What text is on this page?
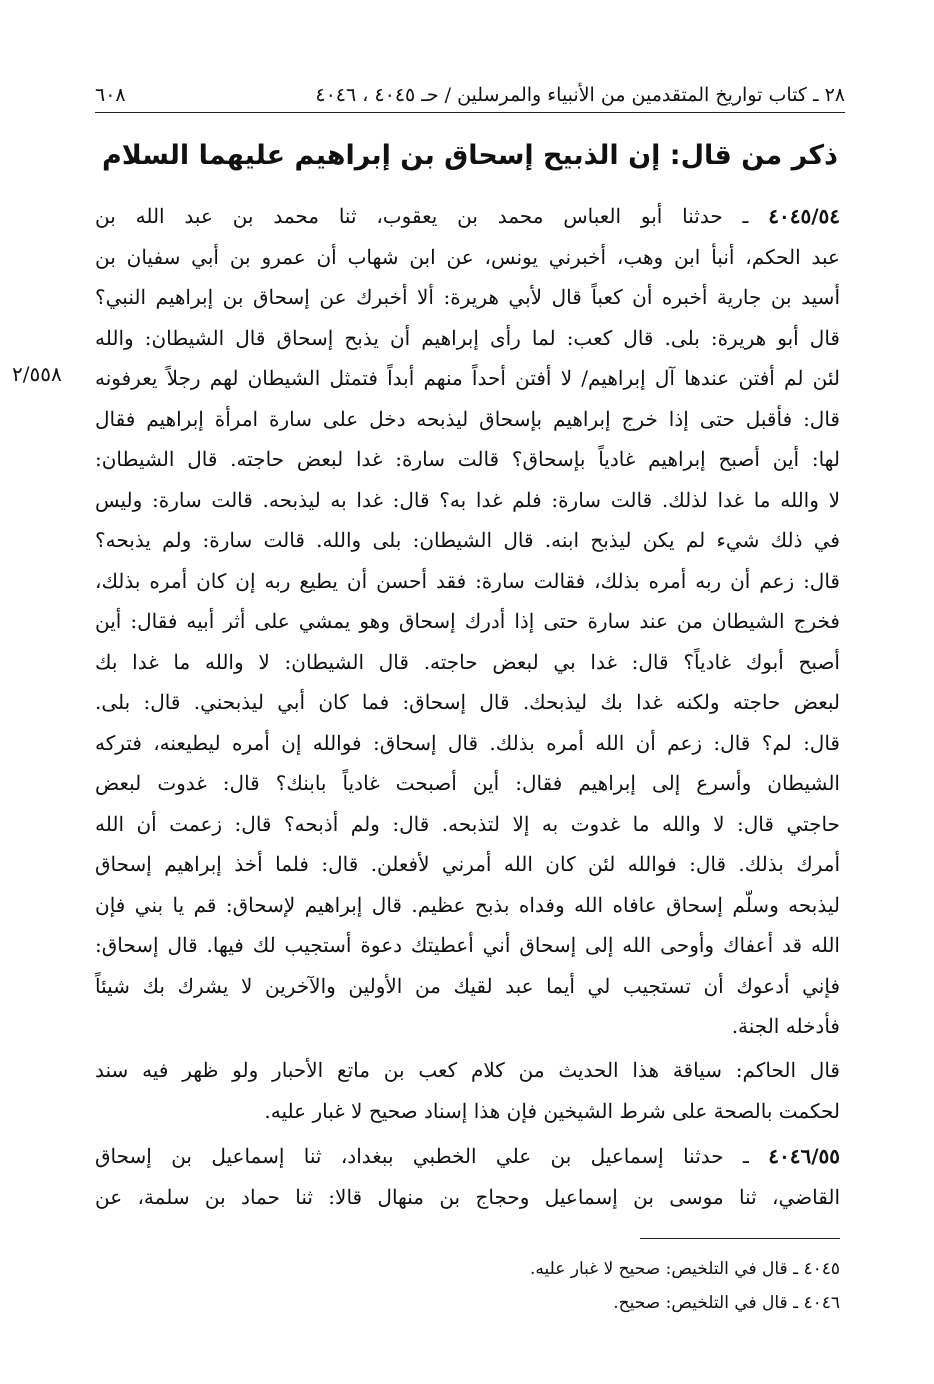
٢٨ ـ كتاب تواريخ المتقدمين من الأنبياء والمرسلين / حـ ٤٠٤٥ ، ٤٠٤٦
٦٠٨
ذكر من قال: إن الذبيح إسحاق بن إبراهيم عليهما السلام
٢/٥٥٨
٤٠٤٥/٥٤ ـ حدثنا أبو العباس محمد بن يعقوب، ثنا محمد بن عبد الله بن
عبد الحكم، أنبأ ابن وهب، أخبرني يونس، عن ابن شهاب أن عمرو بن أبي سفيان بن
أسيد بن جارية أخبره أن كعباً قال لأبي هريرة: ألا أخبرك عن إسحاق بن إبراهيم النبي؟
قال أبو هريرة: بلى. قال كعب: لما رأى إبراهيم أن يذبح إسحاق قال الشيطان: والله
لئن لم أفتن عندها آل إبراهيم/ لا أفتن أحداً منهم أبداً فتمثل الشيطان لهم رجلاً يعرفونه
قال: فأقبل حتى إذا خرج إبراهيم بإسحاق ليذبحه دخل على سارة امرأة إبراهيم فقال
لها: أين أصبح إبراهيم غادياً بإسحاق؟ قالت سارة: غدا لبعض حاجته. قال الشيطان:
لا والله ما غدا لذلك. قالت سارة: فلم غدا به؟ قال: غدا به ليذبحه. قالت سارة: وليس
في ذلك شيء لم يكن ليذبح ابنه. قال الشيطان: بلى والله. قالت سارة: ولم يذبحه؟
قال: زعم أن ربه أمره بذلك، فقالت سارة: فقد أحسن أن يطيع ربه إن كان أمره بذلك،
فخرج الشيطان من عند سارة حتى إذا أدرك إسحاق وهو يمشي على أثر أبيه فقال: أين
أصبح أبوك غادياً؟ قال: غدا بي لبعض حاجته. قال الشيطان: لا والله ما غدا بك
لبعض حاجته ولكنه غدا بك ليذبحك. قال إسحاق: فما كان أبي ليذبحني. قال: بلى.
قال: لم؟ قال: زعم أن الله أمره بذلك. قال إسحاق: فوالله إن أمره ليطيعنه، فتركه
الشيطان وأسرع إلى إبراهيم فقال: أين أصبحت غادياً بابنك؟ قال: غدوت لبعض
حاجتي قال: لا والله ما غدوت به إلا لتذبحه. قال: ولم أذبحه؟ قال: زعمت أن الله
أمرك بذلك. قال: فوالله لئن كان الله أمرني لأفعلن. قال: فلما أخذ إبراهيم إسحاق
ليذبحه وسلّم إسحاق عافاه الله وفداه بذبح عظيم. قال إبراهيم لإسحاق: قم يا بني فإن
الله قد أعفاك وأوحى الله إلى إسحاق أني أعطيتك دعوة أستجيب لك فيها. قال إسحاق:
فإني أدعوك أن تستجيب لي أيما عبد لقيك من الأولين والآخرين لا يشرك بك شيئاً
فأدخله الجنة.
قال الحاكم: سياقة هذا الحديث من كلام كعب بن ماتع الأحبار ولو ظهر فيه سند
لحكمت بالصحة على شرط الشيخين فإن هذا إسناد صحيح لا غبار عليه.
٤٠٤٦/٥٥ ـ حدثنا إسماعيل بن علي الخطبي ببغداد، ثنا إسماعيل بن إسحاق
القاضي، ثنا موسى بن إسماعيل وحجاج بن منهال قالا: ثنا حماد بن سلمة، عن
٤٠٤٥ ـ قال في التلخيص: صحيح لا غبار عليه.
٤٠٤٦ ـ قال في التلخيص: صحيح.
